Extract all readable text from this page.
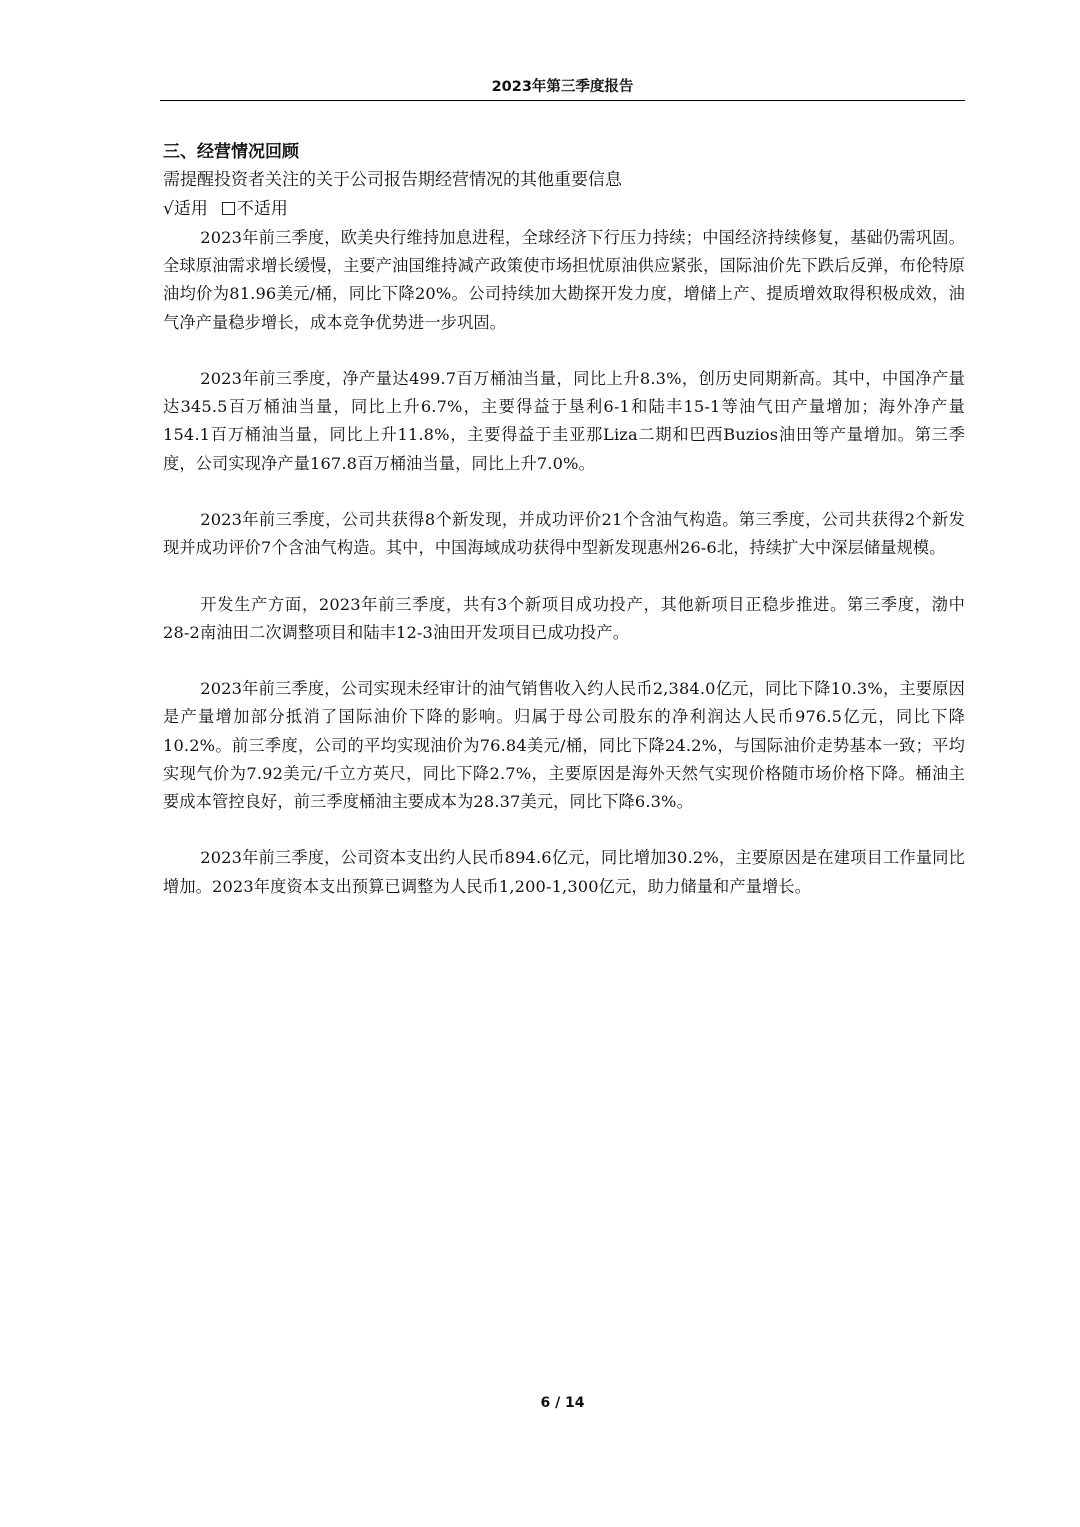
2023年第三季度报告

三、经营情况回顾

需提醒投资者关注的关于公司报告期经营情况的其他重要信息

√适用 不适用

2023年前三季度，欧美央行维持加息进程，全球经济下行压力持续；中国经济持续修复，基础仍需巩固。全球原油需求增长缓慢，主要产油国维持减产政策使市场担忧原油供应紧张，国际油价先下跌后反弹，布伦特原油均价为81.96美元/桶，同比下降20%。公司持续加大勘探开发力度，增储上产、提质增效取得积极成效，油气净产量稳步增长，成本竞争优势进一步巩固。

2023年前三季度，净产量达499.7百万桶油当量，同比上升8.3%，创历史同期新高。其中，中国净产量达345.5百万桶油当量，同比上升6.7%，主要得益于垦利6-1和陆丰15-1等油气田产量增加；海外净产量154.1百万桶油当量，同比上升11.8%，主要得益于圭亚那Liza二期和巴西Buzios油田等产量增加。第三季度，公司实现净产量167.8百万桶油当量，同比上升7.0%。

2023年前三季度，公司共获得8个新发现，并成功评价21个含油气构造。第三季度，公司共获得2个新发现并成功评价7个含油气构造。其中，中国海域成功获得中型新发现惠州26-6北，持续扩大中深层储量规模。

开发生产方面，2023年前三季度，共有3个新项目成功投产，其他新项目正稳步推进。第三季度，渤中28-2南油田二次调整项目和陆丰12-3油田开发项目已成功投产。

2023年前三季度，公司实现未经审计的油气销售收入约人民币2,384.0亿元，同比下降10.3%，主要原因是产量增加部分抵消了国际油价下降的影响。归属于母公司股东的净利润达人民币976.5亿元，同比下降10.2%。前三季度，公司的平均实现油价为76.84美元/桶，同比下降24.2%，与国际油价走势基本一致；平均实现气价为7.92美元/千立方英尺，同比下降2.7%，主要原因是海外天然气实现价格随市场价格下降。桶油主要成本管控良好，前三季度桶油主要成本为28.37美元，同比下降6.3%。

2023年前三季度，公司资本支出约人民币894.6亿元，同比增加30.2%，主要原因是在建项目工作量同比增加。2023年度资本支出预算已调整为人民币1,200-1,300亿元，助力储量和产量增长。

6 / 14
